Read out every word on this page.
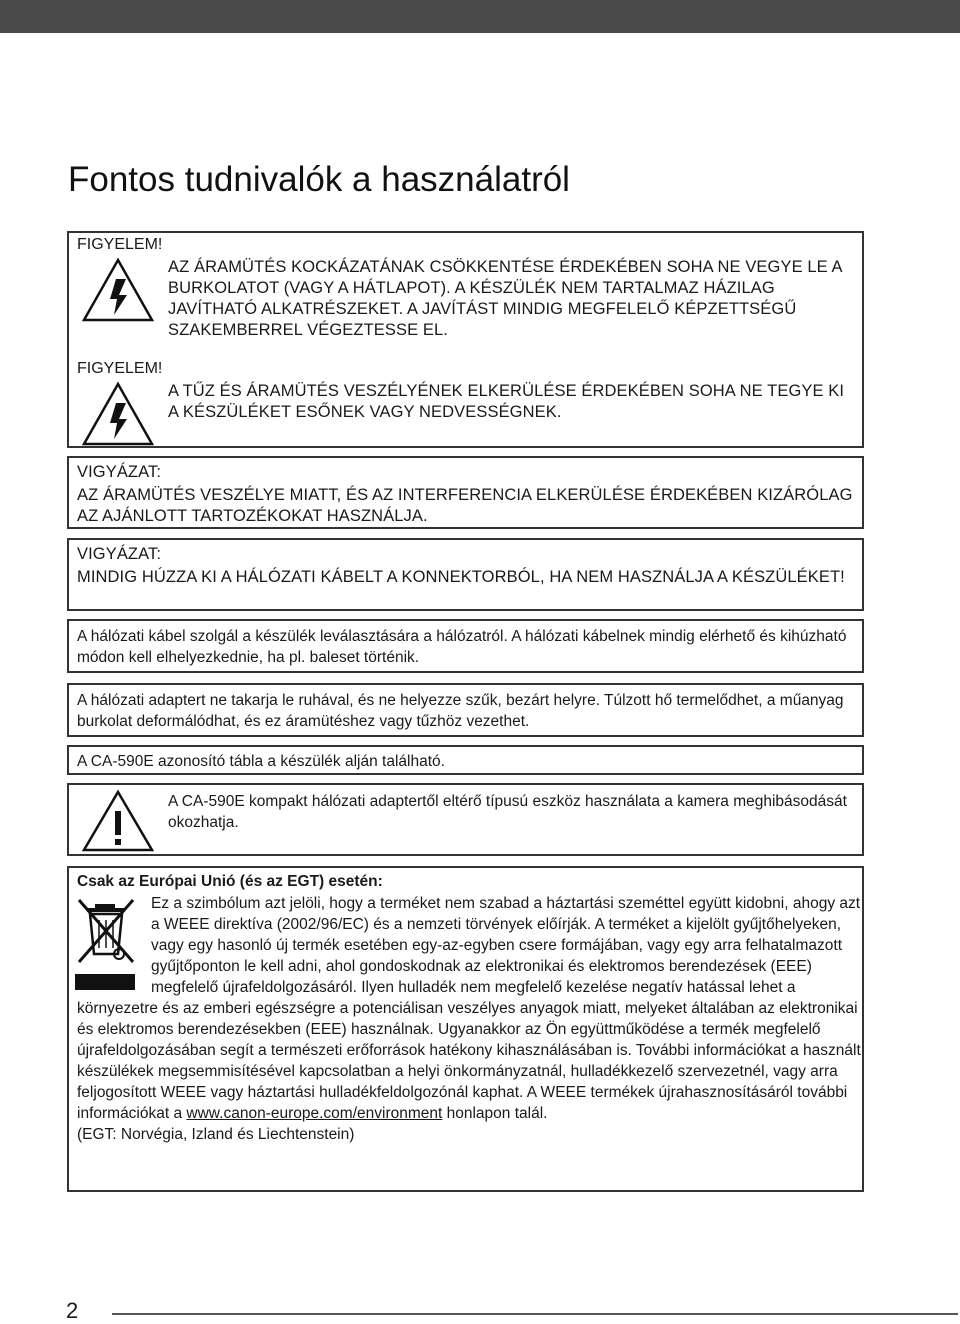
Fontos tudnivalók a használatról
FIGYELEM!
AZ ÁRAMÜTÉS KOCKÁZATÁNAK CSÖKKENTÉSE ÉRDEKÉBEN SOHA NE VEGYE LE A BURKOLATOT (VAGY A HÁTLAPOT). A KÉSZÜLÉK NEM TARTALMAZ HÁZILAG JAVÍTHATÓ ALKATRÉSZEKET. A JAVÍTÁST MINDIG MEGFELELŐ KÉPZETTSÉGŰ SZAKEMBERREL VÉGEZTESSE EL.
FIGYELEM!
A TŰZ ÉS ÁRAMÜTÉS VESZÉLYÉNEK ELKERÜLÉSE ÉRDEKÉBEN SOHA NE TEGYE KI A KÉSZÜLÉKET ESŐNEK VAGY NEDVESSÉGNEK.
VIGYÁZAT:
AZ ÁRAMÜTÉS VESZÉLYE MIATT, ÉS AZ INTERFERENCIA ELKERÜLÉSE ÉRDEKÉBEN KIZÁRÓLAG AZ AJÁNLOTT TARTOZÉKOKAT HASZNÁLJA.
VIGYÁZAT:
MINDIG HÚZZA KI A HÁLÓZATI KÁBELT A KONNEKTORBÓL, HA NEM HASZNÁLJA A KÉSZÜLÉKET!
A hálózati kábel szolgál a készülék leválasztására a hálózatról. A hálózati kábelnek mindig elérhető és kihúzható módon kell elhelyezkednie, ha pl. baleset történik.
A hálózati adaptert ne takarja le ruhával, és ne helyezze szűk, bezárt helyre. Túlzott hő termelődhet, a műanyag burkolat deformálódhat, és ez áramütéshez vagy tűzhöz vezethet.
A CA-590E azonosító tábla a készülék alján található.
A CA-590E kompakt hálózati adaptertől eltérő típusú eszköz használata a kamera meghibásodását okozhatja.
Csak az Európai Unió (és az EGT) esetén:
Ez a szimbólum azt jelöli, hogy a terméket nem szabad a háztartási szeméttel együtt kidobni, ahogy azt a WEEE direktíva (2002/96/EC) és a nemzeti törvények előírják. A terméket a kijelölt gyűjtőhelyeken, vagy egy hasonló új termék esetében egy-az-egyben csere formájában, vagy egy arra felhatalmazott gyűjtőponton le kell adni, ahol gondoskodnak az elektronikai és elektromos berendezések (EEE) megfelelő újrafeldolgozásáról. Ilyen hulladék nem megfelelő kezelése negatív hatással lehet a környezetre és az emberi egészségre a potenciálisan veszélyes anyagok miatt, melyeket általában az elektronikai és elektromos berendezésekben (EEE) használnak. Ugyanakkor az Ön együttműködése a termék megfelelő újrafeldolgozásában segít a természeti erőforrások hatékony kihasználásában is. További információkat a használt készülékek megsemmisítésével kapcsolatban a helyi önkormányzatnál, hulladékkezelő szervezetnél, vagy arra feljogosított WEEE vagy háztartási hulladékfeldolgozónál kaphat. A WEEE termékek újrahasznosításáról további információkat a www.canon-europe.com/environment honlapon talál.
(EGT: Norvégia, Izland és Liechtenstein)
2
